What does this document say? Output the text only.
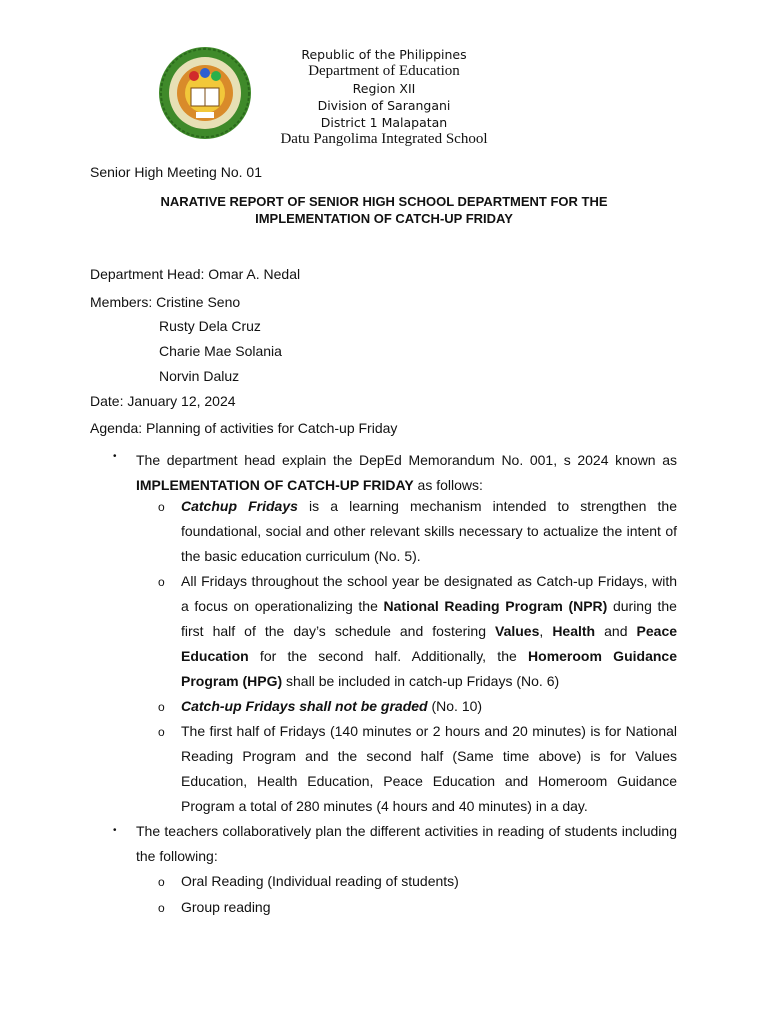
Republic of the Philippines
Department of Education
Region XII
Division of Sarangani
District 1 Malapatan
Datu Pangolima Integrated School
Senior High Meeting No. 01
NARATIVE REPORT OF SENIOR HIGH SCHOOL DEPARTMENT FOR THE
IMPLEMENTATION OF CATCH-UP FRIDAY
Department Head: Omar A. Nedal
Members: Cristine Seno
Rusty Dela Cruz
Charie Mae Solania
Norvin Daluz
Date: January 12, 2024
Agenda: Planning of activities for Catch-up Friday
• The department head explain the DepEd Memorandum No. 001, s 2024 known as IMPLEMENTATION OF CATCH-UP FRIDAY as follows:
o Catchup Fridays is a learning mechanism intended to strengthen the foundational, social and other relevant skills necessary to actualize the intent of the basic education curriculum (No. 5).
o All Fridays throughout the school year be designated as Catch-up Fridays, with a focus on operationalizing the National Reading Program (NPR) during the first half of the day’s schedule and fostering Values, Health and Peace Education for the second half. Additionally, the Homeroom Guidance Program (HPG) shall be included in catch-up Fridays (No. 6)
o Catch-up Fridays shall not be graded (No. 10)
o The first half of Fridays (140 minutes or 2 hours and 20 minutes) is for National Reading Program and the second half (Same time above) is for Values Education, Health Education, Peace Education and Homeroom Guidance Program a total of 280 minutes (4 hours and 40 minutes) in a day.
• The teachers collaboratively plan the different activities in reading of students including the following:
o Oral Reading (Individual reading of students)
o Group reading
